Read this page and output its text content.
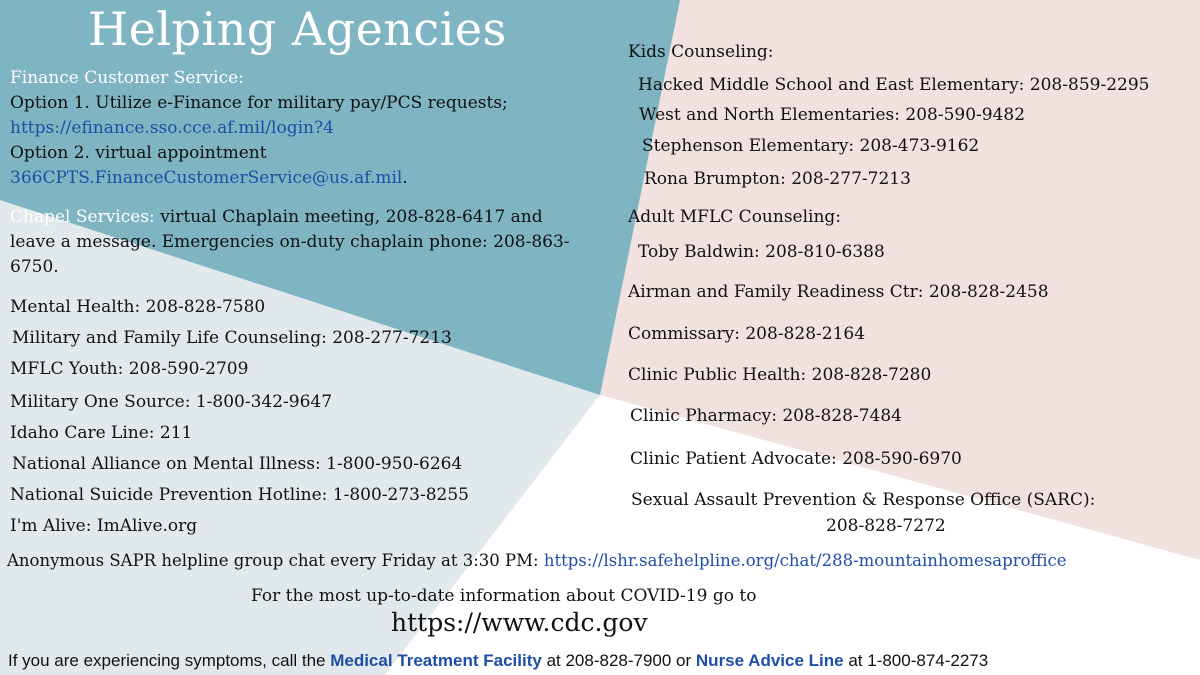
Helping Agencies
Finance Customer Service:
Option 1. Utilize e-Finance for military pay/PCS requests;
https://efinance.sso.cce.af.mil/login?4
Option 2. virtual appointment
366CPTS.FinanceCustomerService@us.af.mil.
Chapel Services: virtual Chaplain meeting, 208-828-6417 and
leave a message. Emergencies on-duty chaplain phone: 208-863-
6750.
Mental Health: 208-828-7580
Military and Family Life Counseling: 208-277-7213
MFLC Youth: 208-590-2709
Military One Source: 1-800-342-9647
Idaho Care Line: 211
National Alliance on Mental Illness: 1-800-950-6264
National Suicide Prevention Hotline: 1-800-273-8255
I'm Alive: ImAlive.org
Kids Counseling:
Hacked Middle School and East Elementary: 208-859-2295
West and North Elementaries: 208-590-9482
Stephenson Elementary: 208-473-9162
Rona Brumpton: 208-277-7213
Adult MFLC Counseling:
Toby Baldwin: 208-810-6388
Airman and Family Readiness Ctr: 208-828-2458
Commissary: 208-828-2164
Clinic Public Health: 208-828-7280
Clinic Pharmacy: 208-828-7484
Clinic Patient Advocate: 208-590-6970
Sexual Assault Prevention & Response Office (SARC):
208-828-7272
Anonymous SAPR helpline group chat every Friday at 3:30 PM: https://lshr.safehelpline.org/chat/288-mountainhomesaproffice
For the most up-to-date information about COVID-19 go to
https://www.cdc.gov
If you are experiencing symptoms, call the Medical Treatment Facility at 208-828-7900 or Nurse Advice Line at 1-800-874-2273
